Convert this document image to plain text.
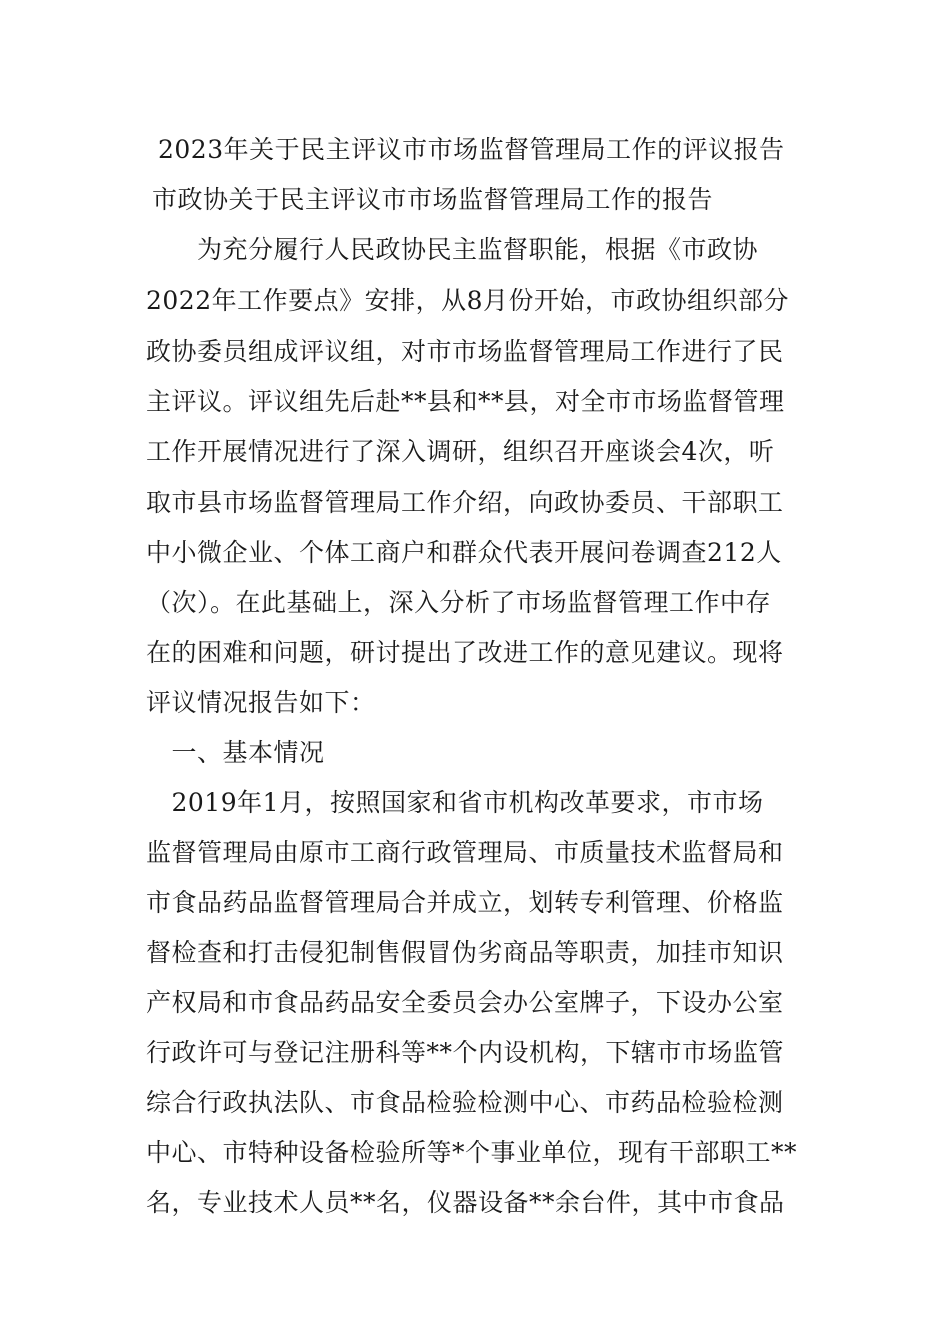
2023年关于民主评议市市场监督管理局工作的评议报告
市政协关于民主评议市市场监督管理局工作的报告
　　为充分履行人民政协民主监督职能，根据《市政协
2022年工作要点》安排，从8月份开始，市政协组织部分
政协委员组成评议组，对市市场监督管理局工作进行了民
主评议。评议组先后赴**县和**县，对全市市场监督管理
工作开展情况进行了深入调研，组织召开座谈会4次，听
取市县市场监督管理局工作介绍，向政协委员、干部职工
中小微企业、个体工商户和群众代表开展问卷调查212人
（次）。在此基础上，深入分析了市场监督管理工作中存
在的困难和问题，研讨提出了改进工作的意见建议。现将
评议情况报告如下：
　一、基本情况
　2019年1月，按照国家和省市机构改革要求，市市场
监督管理局由原市工商行政管理局、市质量技术监督局和
市食品药品监督管理局合并成立，划转专利管理、价格监
督检查和打击侵犯制售假冒伪劣商品等职责，加挂市知识
产权局和市食品药品安全委员会办公室牌子，下设办公室
行政许可与登记注册科等**个内设机构，下辖市市场监管
综合行政执法队、市食品检验检测中心、市药品检验检测
中心、市特种设备检验所等*个事业单位，现有干部职工**
名，专业技术人员**名，仪器设备**余台件，其中市食品
